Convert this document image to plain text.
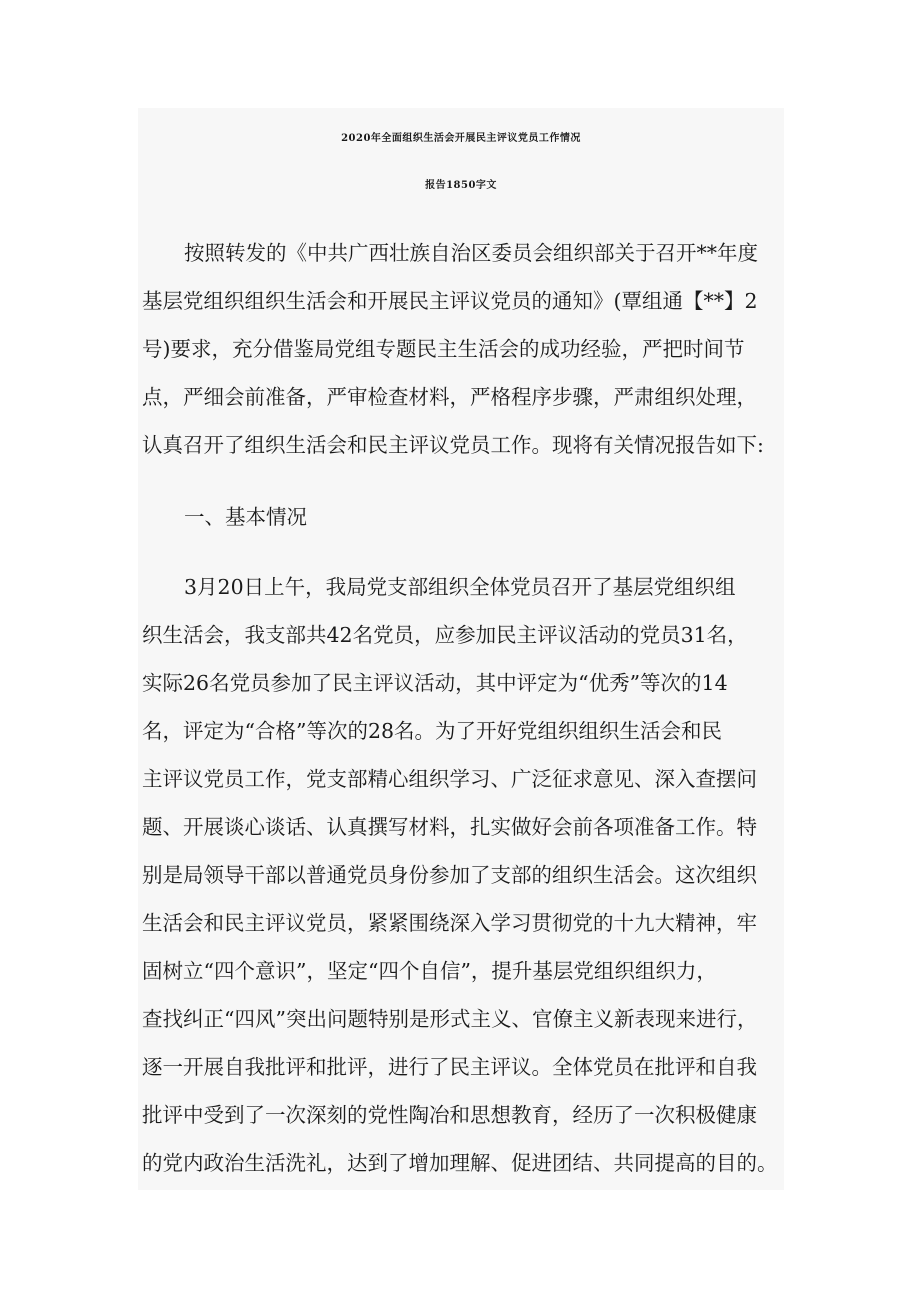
2020年全面组织生活会开展民主评议党员工作情况
报告1850字文
按照转发的《中共广西壮族自治区委员会组织部关于召开**年度
基层党组织组织生活会和开展民主评议党员的通知》(覃组通【**】2
号)要求，充分借鉴局党组专题民主生活会的成功经验，严把时间节
点，严细会前准备，严审检查材料，严格程序步骤，严肃组织处理，
认真召开了组织生活会和民主评议党员工作。现将有关情况报告如下:
一、基本情况
3月20日上午，我局党支部组织全体党员召开了基层党组织组
织生活会，我支部共42名党员，应参加民主评议活动的党员31名，
实际26名党员参加了民主评议活动，其中评定为“优秀”等次的14
名，评定为“合格”等次的28名。为了开好党组织组织生活会和民
主评议党员工作，党支部精心组织学习、广泛征求意见、深入查摆问
题、开展谈心谈话、认真撰写材料，扎实做好会前各项准备工作。特
别是局领导干部以普通党员身份参加了支部的组织生活会。这次组织
生活会和民主评议党员，紧紧围绕深入学习贯彻党的十九大精神，牢
固树立“四个意识”，坚定“四个自信”，提升基层党组织组织力，
查找纠正“四风”突出问题特别是形式主义、官僚主义新表现来进行，
逐一开展自我批评和批评，进行了民主评议。全体党员在批评和自我
批评中受到了一次深刻的党性陶冶和思想教育，经历了一次积极健康
的党内政治生活洗礼，达到了增加理解、促进团结、共同提高的目的。
